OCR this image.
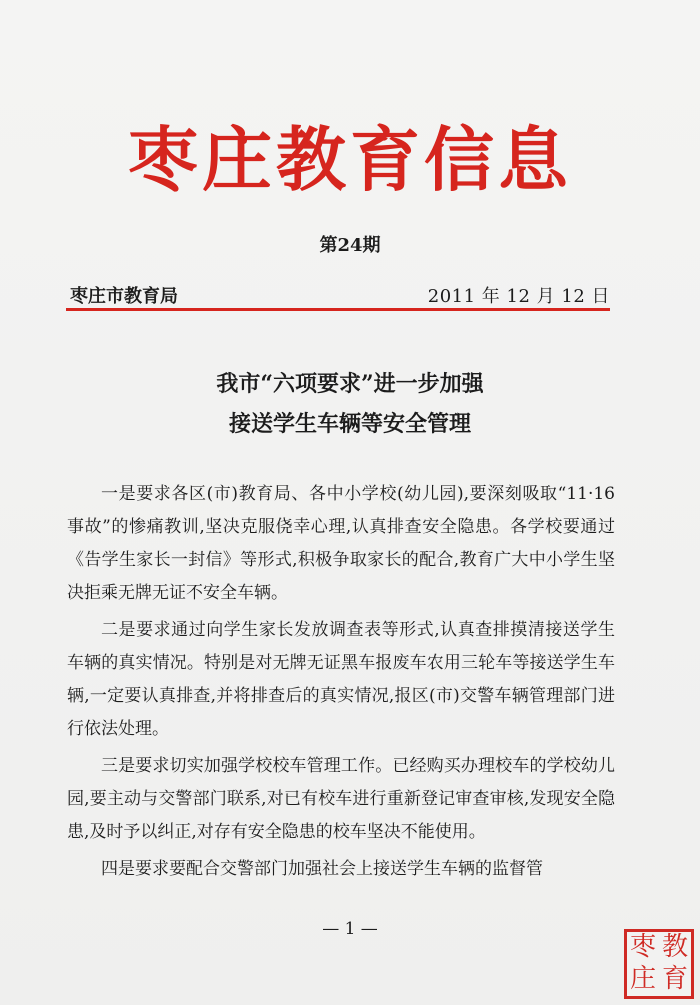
枣庄教育信息
第24期
枣庄市教育局	2011 年 12 月 12 日
我市“六项要求”进一步加强
接送学生车辆等安全管理

一是要求各区(市)教育局、各中小学校(幼儿园),要深刻吸取“11·16事故”的惨痛教训,坚决克服侥幸心理,认真排查安全隐患。各学校要通过《告学生家长一封信》等形式,积极争取家长的配合,教育广大中小学生坚决拒乘无牌无证不安全车辆。

二是要求通过向学生家长发放调查表等形式,认真查排摸清接送学生车辆的真实情况。特别是对无牌无证黑车报废车农用三轮车等接送学生车辆,一定要认真排查,并将排查后的真实情况,报区(市)交警车辆管理部门进行依法处理。

三是要求切实加强学校校车管理工作。已经购买办理校车的学校幼儿园,要主动与交警部门联系,对已有校车进行重新登记审查审核,发现安全隐患,及时予以纠正,对存有安全隐患的校车坚决不能使用。

四是要求要配合交警部门加强社会上接送学生车辆的监督管

— 1 —
枣 教
庄 育
